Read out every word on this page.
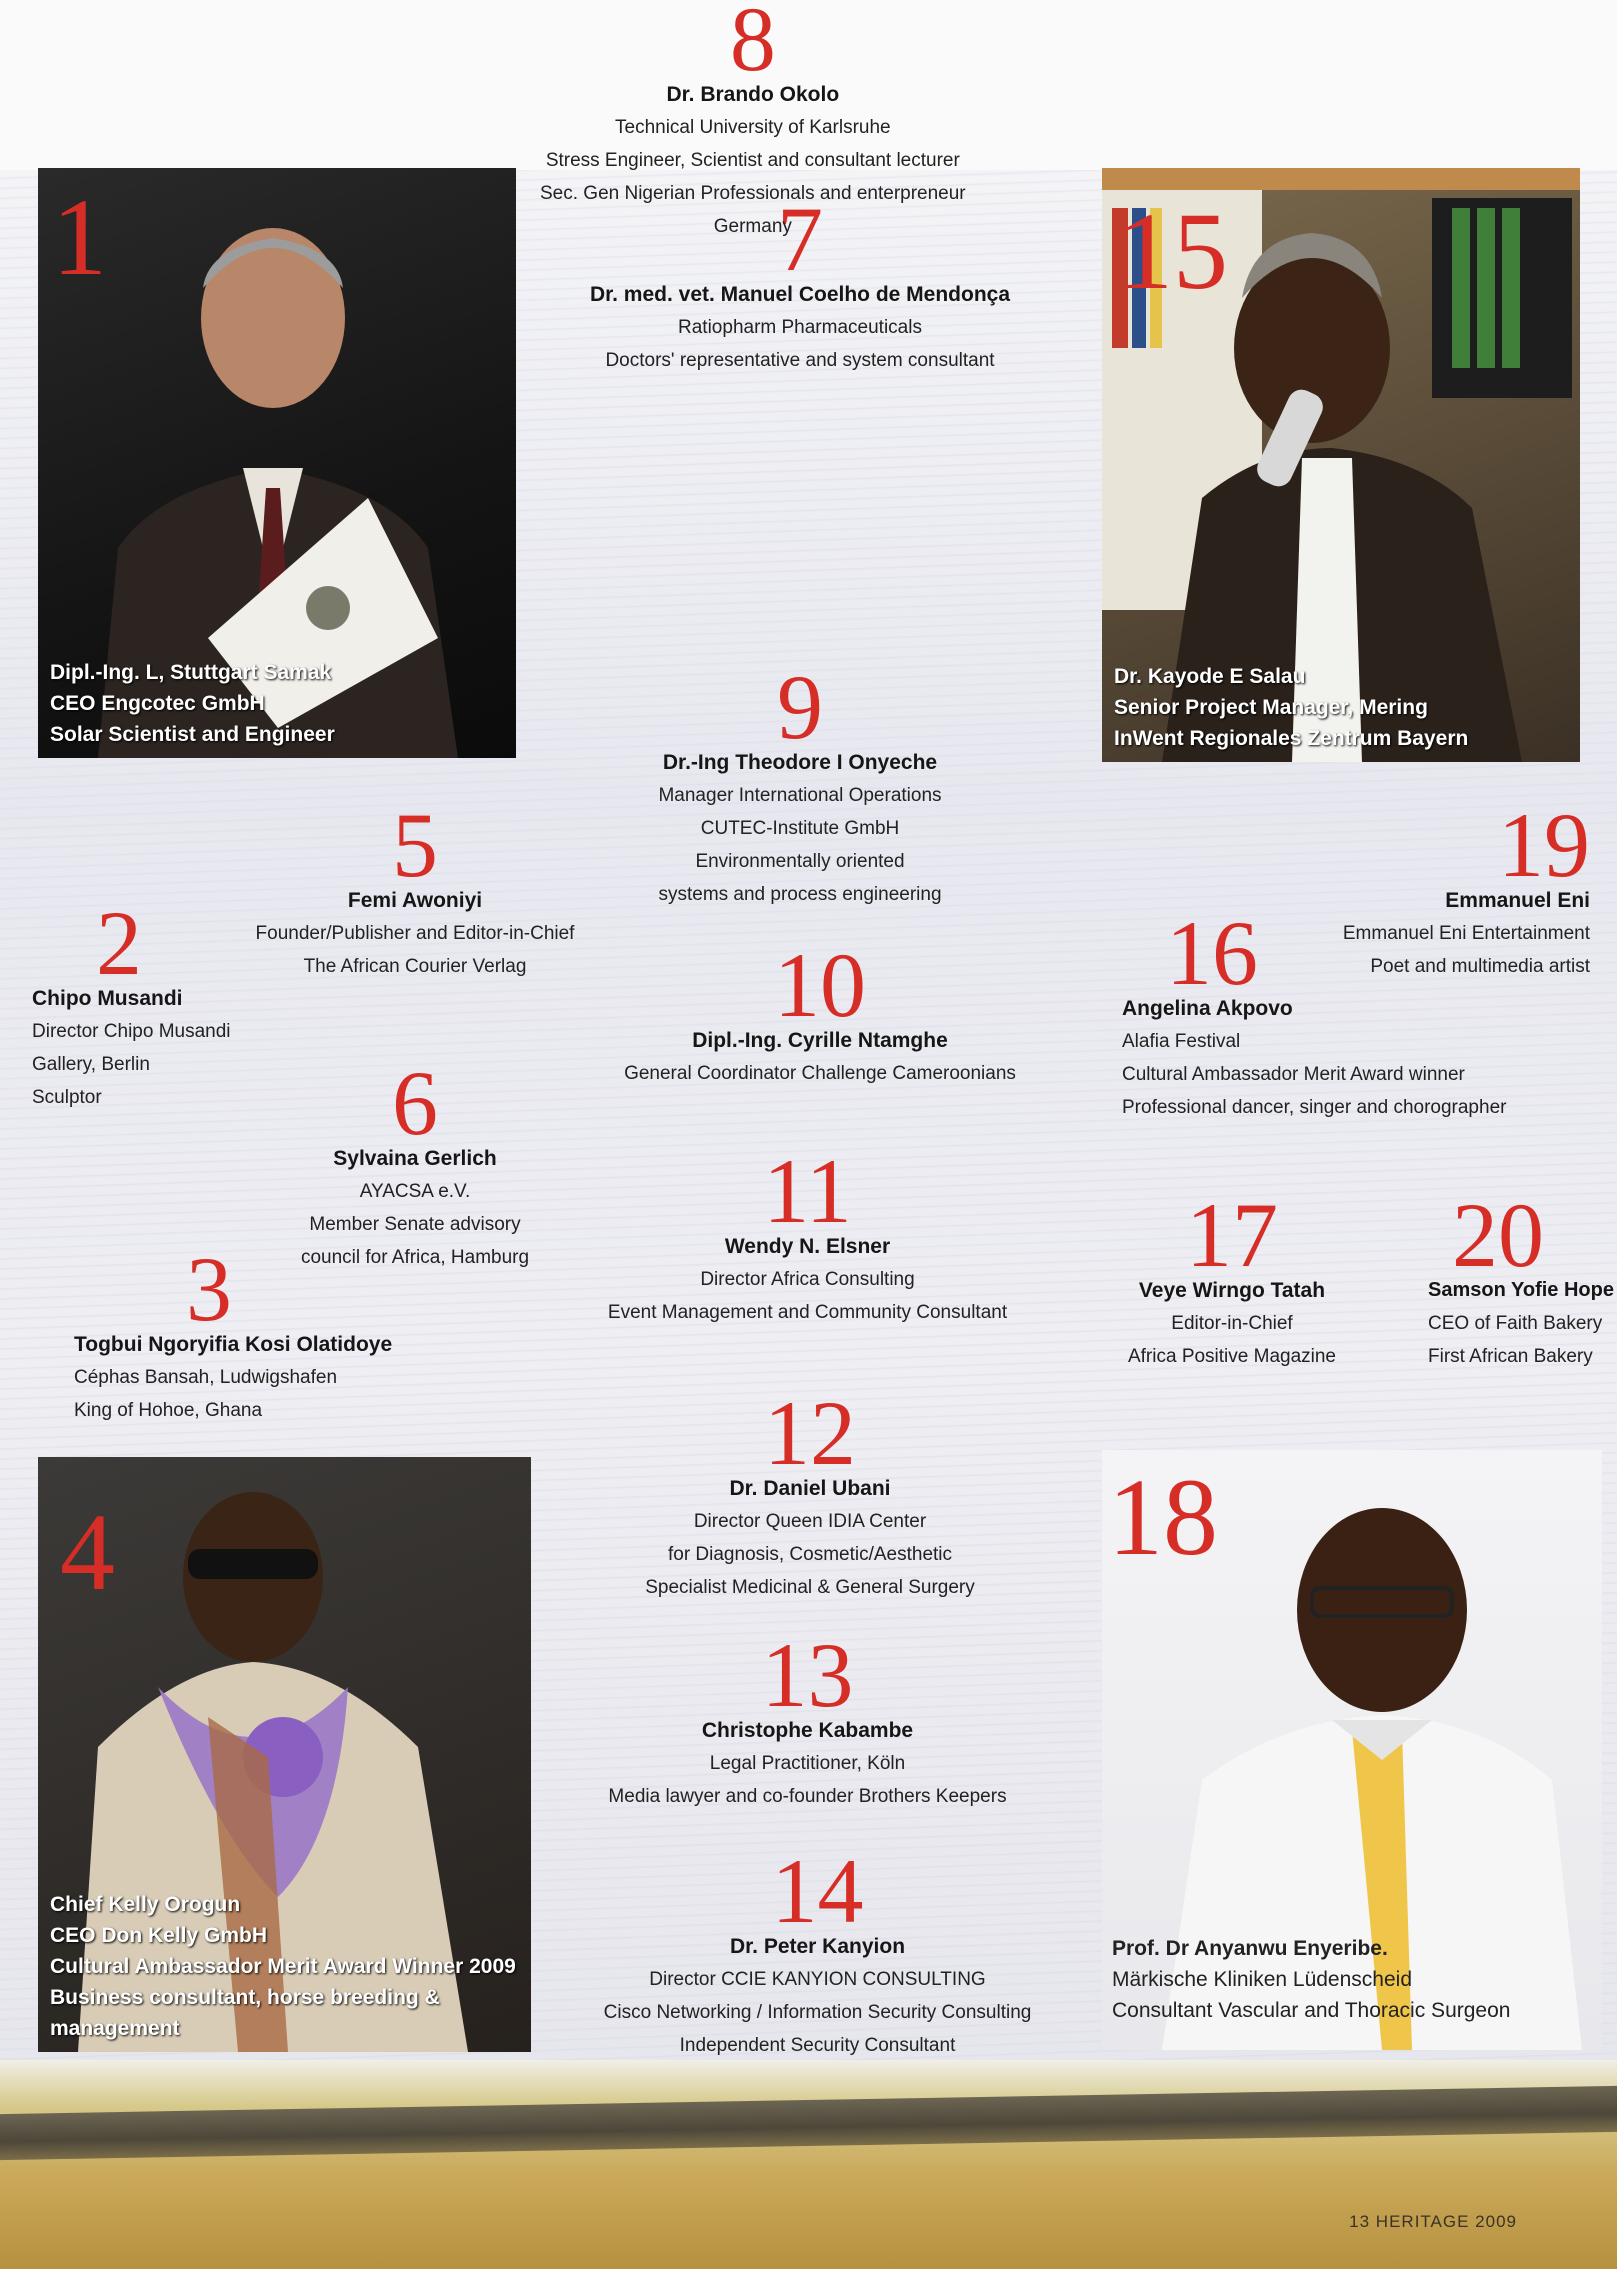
1
Dipl.-Ing. L, Stuttgart Samak
CEO Engcotec GmbH
Solar Scientist and Engineer
4
Chief Kelly Orogun
CEO Don Kelly GmbH
Cultural Ambassador Merit Award Winner 2009
Business consultant, horse breeding & management
15
Dr. Kayode E Salau
Senior Project Manager, Mering
InWent Regionales Zentrum Bayern
18
Prof. Dr Anyanwu Enyeribe.
Märkische Kliniken Lüdenscheid
Consultant Vascular and Thoracic Surgeon
7
Dr. med. vet. Manuel Coelho de Mendonça
Ratiopharm Pharmaceuticals
Doctors' representative and system consultant
8
Dr. Brando Okolo
Technical University of Karlsruhe
Stress Engineer, Scientist and consultant lecturer
Sec. Gen Nigerian Professionals and enterpreneur
Germany
9
Dr.-Ing Theodore I Onyeche
Manager International Operations
CUTEC-Institute GmbH
Environmentally oriented
systems and process engineering
10
Dipl.-Ing. Cyrille Ntamghe
General Coordinator Challenge Cameroonians
11
Wendy N. Elsner
Director Africa Consulting
Event Management and Community Consultant
12
Dr. Daniel Ubani
Director Queen IDIA Center
for Diagnosis, Cosmetic/Aesthetic
Specialist Medicinal & General Surgery
13
Christophe Kabambe
Legal Practitioner, Köln
Media lawyer and co-founder Brothers Keepers
14
Dr. Peter Kanyion
Director CCIE KANYION CONSULTING
Cisco Networking / Information Security Consulting
Independent Security Consultant
5
Femi Awoniyi
Founder/Publisher and Editor-in-Chief
The African Courier Verlag
2
Chipo Musandi
Director Chipo Musandi
Gallery, Berlin
Sculptor	6
Sylvaina Gerlich
AYACSA e.V.
Member Senate advisory
council for Africa, Hamburg
3
Togbui Ngoryifia Kosi Olatidoye
Céphas Bansah, Ludwigshafen
King of Hohoe, Ghana
19
Emmanuel Eni
Emmanuel Eni Entertainment
Poet and multimedia artist
16
Angelina Akpovo
Alafia Festival
Cultural Ambassador Merit Award winner
Professional dancer, singer and chorographer
17
Veye Wirngo Tatah
Editor-in-Chief
Africa Positive Magazine
20
Samson Yofie Hope
CEO of Faith Bakery
First African Bakery
13 HERITAGE 2009
